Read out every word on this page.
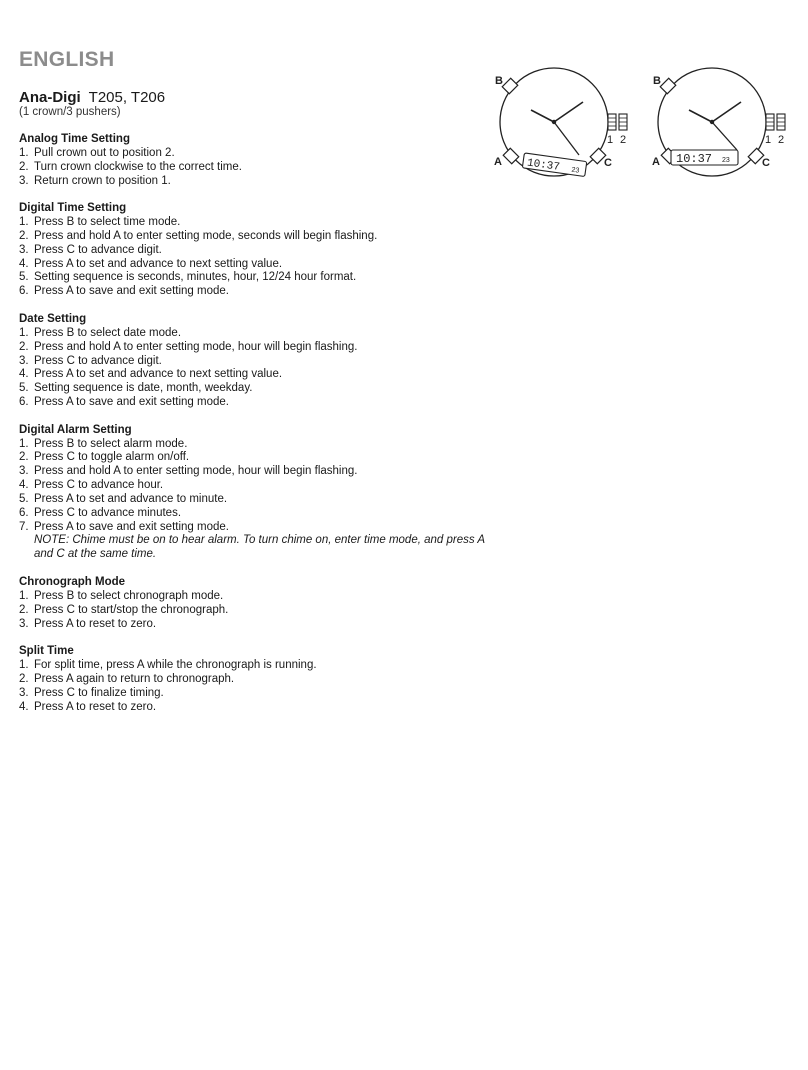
ENGLISH
Ana-Digi T205, T206
(1 crown/3 pushers)
Analog Time Setting
1. Pull crown out to position 2.
2. Turn crown clockwise to the correct time.
3. Return crown to position 1.
Digital Time Setting
1. Press B to select time mode.
2. Press and hold A to enter setting mode, seconds will begin flashing.
3. Press C to advance digit.
4. Press A to set and advance to next setting value.
5. Setting sequence is seconds, minutes, hour, 12/24 hour format.
6. Press A to save and exit setting mode.
Date Setting
1. Press B to select date mode.
2. Press and hold A to enter setting mode, hour will begin flashing.
3. Press C to advance digit.
4. Press A to set and advance to next setting value.
5. Setting sequence is date, month, weekday.
6. Press A to save and exit setting mode.
Digital Alarm Setting
1. Press B to select alarm mode.
2. Press C to toggle alarm on/off.
3. Press and hold A to enter setting mode, hour will begin flashing.
4. Press C to advance hour.
5. Press A to set and advance to minute.
6. Press C to advance minutes.
7. Press A to save and exit setting mode.
NOTE: Chime must be on to hear alarm. To turn chime on, enter time mode, and press A and C at the same time.
Chronograph Mode
1. Press B to select chronograph mode.
2. Press C to start/stop the chronograph.
3. Press A to reset to zero.
Split Time
1. For split time, press A while the chronograph is running.
2. Press A again to return to chronograph.
3. Press C to finalize timing.
4. Press A to reset to zero.
B
A	C
1 2
10:37 23
B
A	C
1 2
10:37 23
